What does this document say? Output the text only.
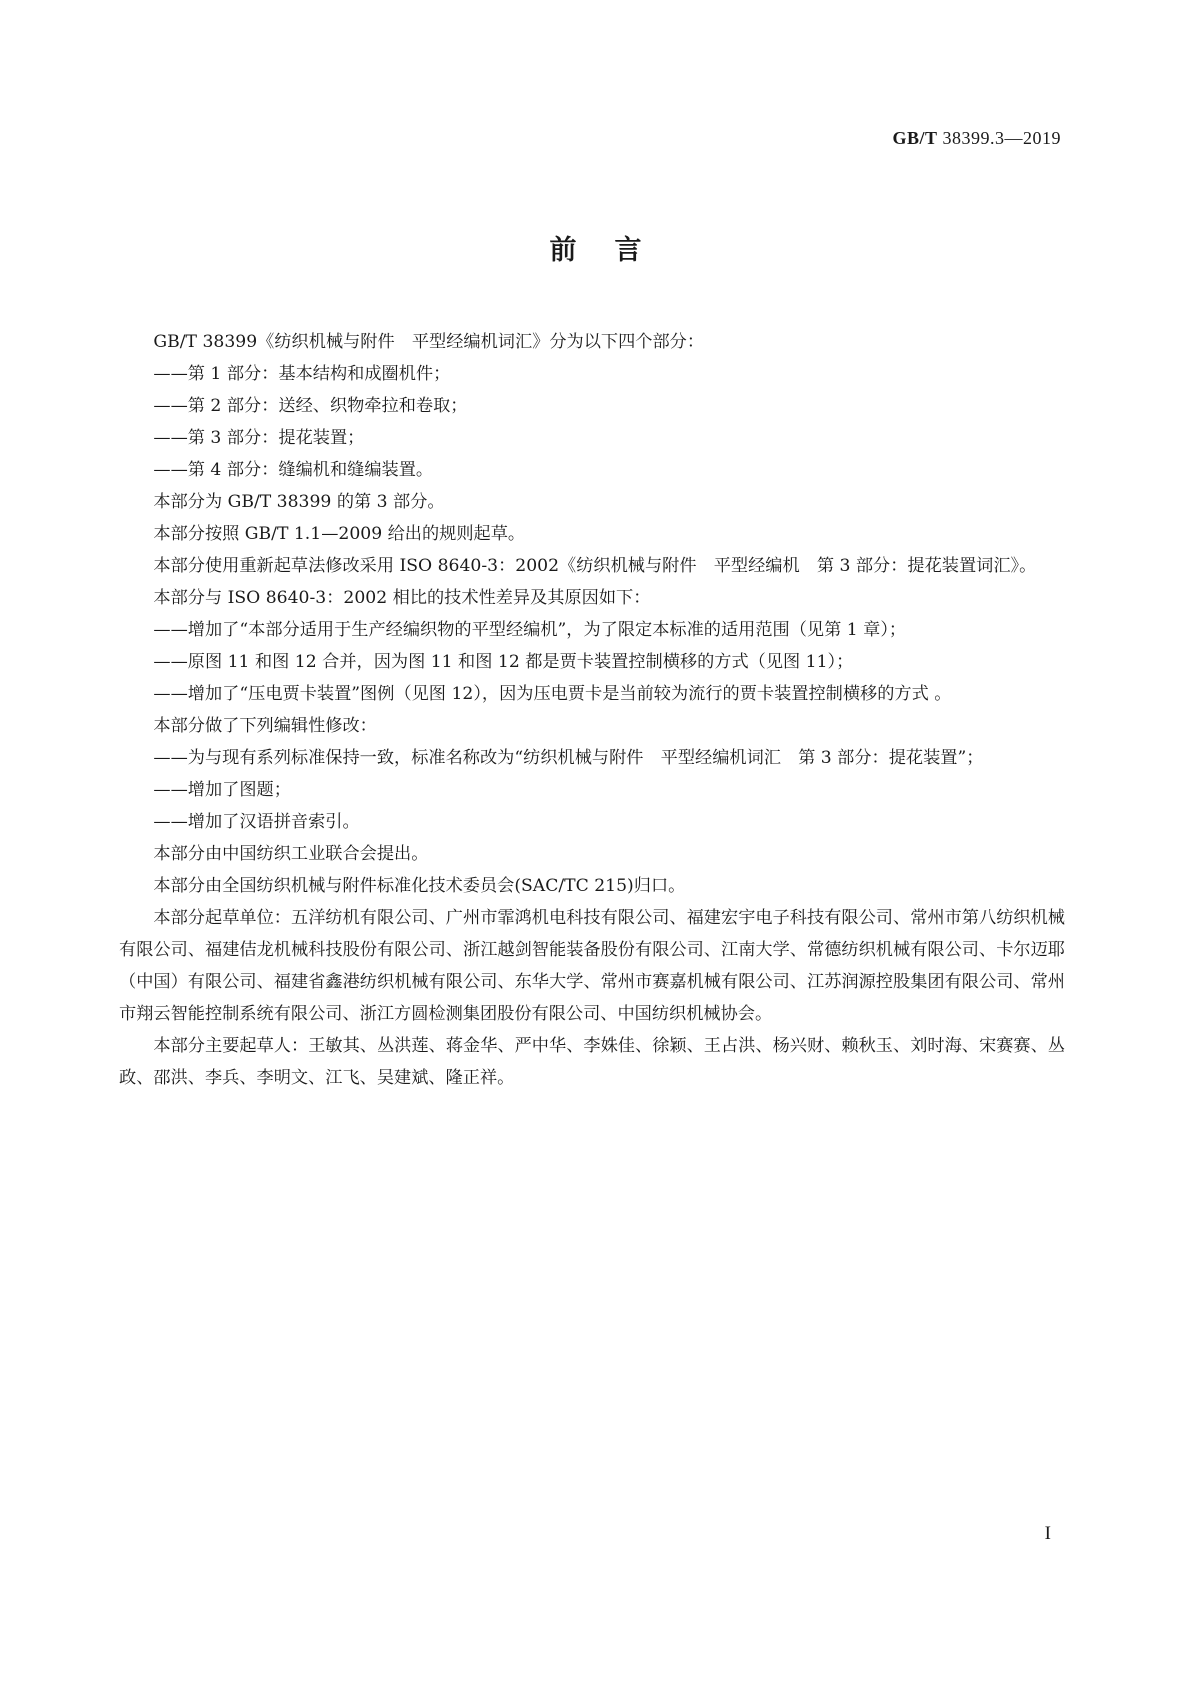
GB/T 38399.3—2019
前言

GB/T 38399《纺织机械与附件　平型经编机词汇》分为以下四个部分：

——第 1 部分：基本结构和成圈机件；

——第 2 部分：送经、织物牵拉和卷取；

——第 3 部分：提花装置；

——第 4 部分：缝编机和缝编装置。

本部分为 GB/T 38399 的第 3 部分。

本部分按照 GB/T 1.1—2009 给出的规则起草。

本部分使用重新起草法修改采用 ISO 8640-3：2002《纺织机械与附件　平型经编机　第 3 部分：提花装置词汇》。

本部分与 ISO 8640-3：2002 相比的技术性差异及其原因如下：

——增加了“本部分适用于生产经编织物的平型经编机”，为了限定本标准的适用范围（见第 1 章）；

——原图 11 和图 12 合并，因为图 11 和图 12 都是贾卡装置控制横移的方式（见图 11）；

——增加了“压电贾卡装置”图例（见图 12），因为压电贾卡是当前较为流行的贾卡装置控制横移的方式 。

本部分做了下列编辑性修改：

——为与现有系列标准保持一致，标准名称改为“纺织机械与附件　平型经编机词汇　第 3 部分：提花装置”；

——增加了图题；

——增加了汉语拼音索引。

本部分由中国纺织工业联合会提出。

本部分由全国纺织机械与附件标准化技术委员会(SAC/TC 215)归口。

本部分起草单位：五洋纺机有限公司、广州市霏鸿机电科技有限公司、福建宏宇电子科技有限公司、常州市第八纺织机械有限公司、福建佶龙机械科技股份有限公司、浙江越剑智能装备股份有限公司、江南大学、常德纺织机械有限公司、卡尔迈耶（中国）有限公司、福建省鑫港纺织机械有限公司、东华大学、常州市赛嘉机械有限公司、江苏润源控股集团有限公司、常州市翔云智能控制系统有限公司、浙江方圆检测集团股份有限公司、中国纺织机械协会。

本部分主要起草人：王敏其、丛洪莲、蒋金华、严中华、李姝佳、徐颖、王占洪、杨兴财、赖秋玉、刘时海、宋赛赛、丛政、邵洪、李兵、李明文、江飞、吴建斌、隆正祥。

I
